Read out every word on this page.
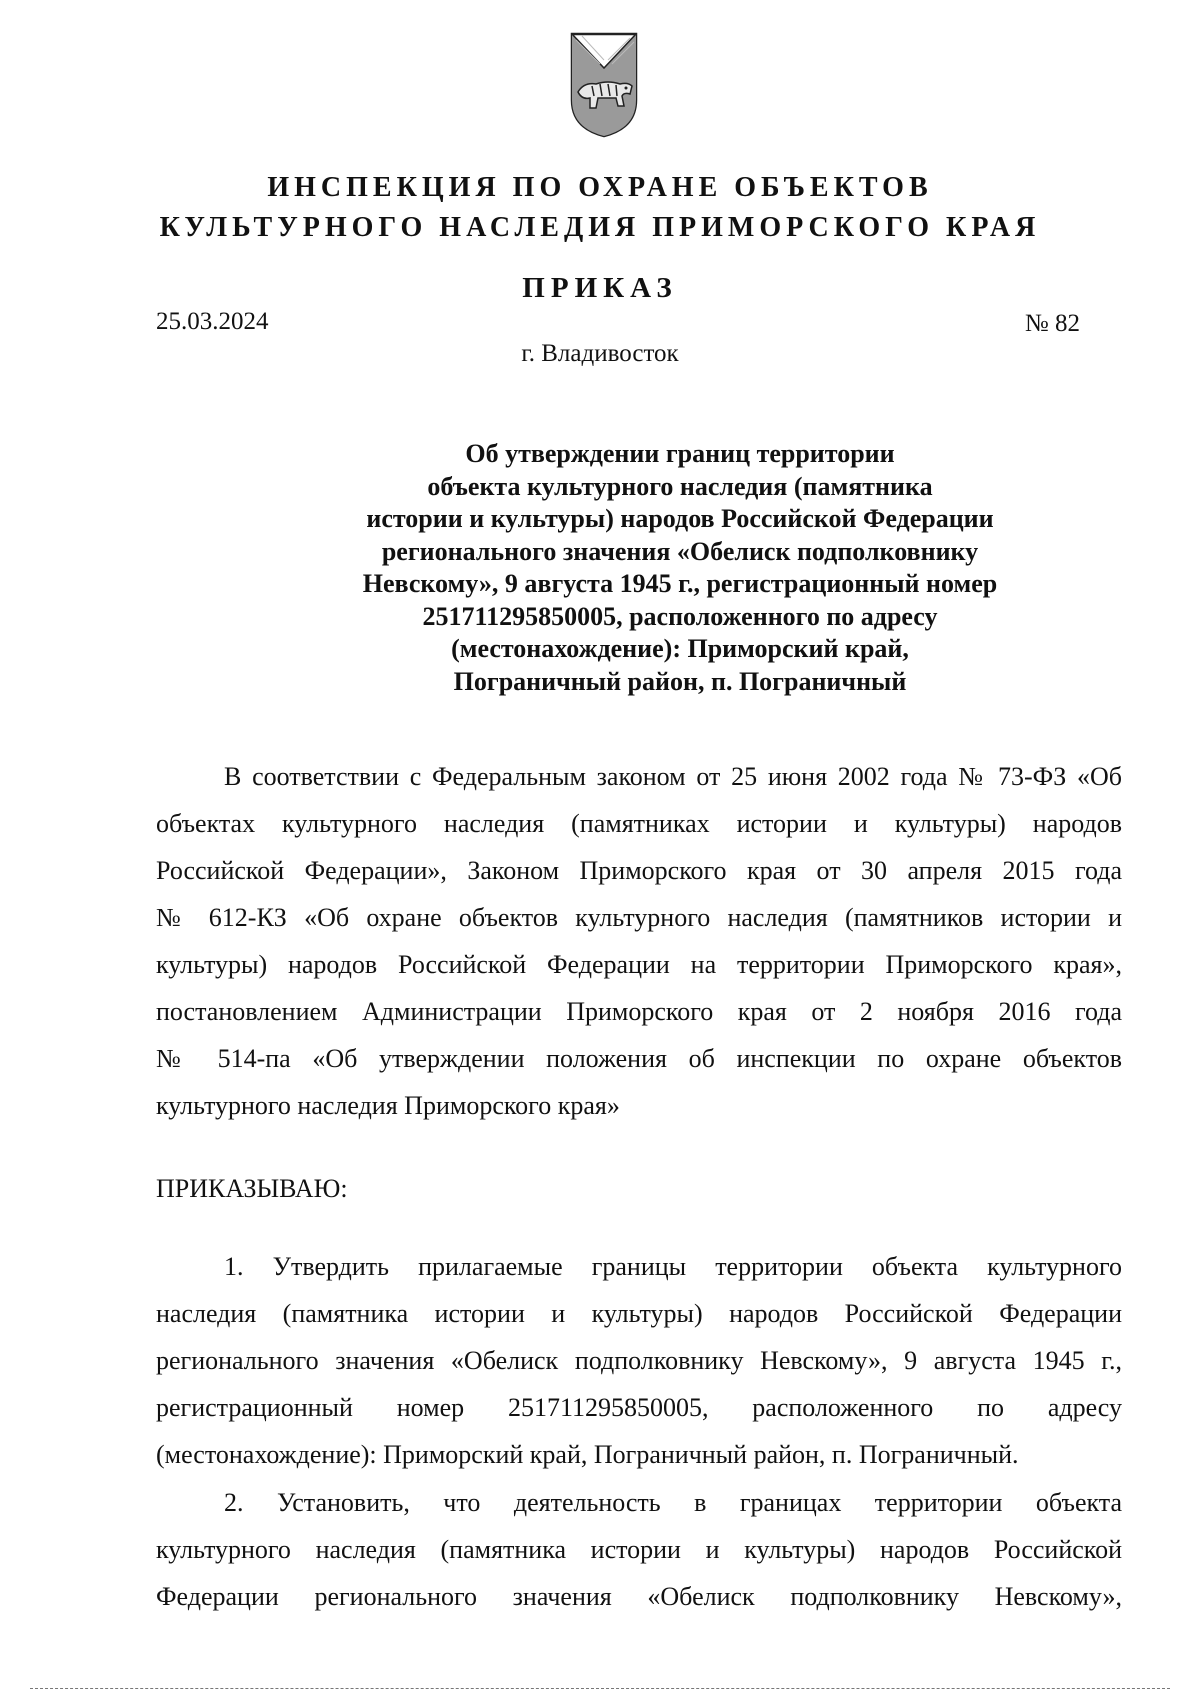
ИНСПЕКЦИЯ ПО ОХРАНЕ ОБЪЕКТОВ
КУЛЬТУРНОГО НАСЛЕДИЯ ПРИМОРСКОГО КРАЯ
ПРИКАЗ
25.03.2024	№ 82
г. Владивосток
Об утверждении границ территории
объекта культурного наследия (памятника
истории и культуры) народов Российской Федерации
регионального значения «Обелиск подполковнику
Невскому», 9 августа 1945 г., регистрационный номер
251711295850005, расположенного по адресу
(местонахождение): Приморский край,
Пограничный район, п. Пограничный
В соответствии с Федеральным законом от 25 июня 2002 года № 73-ФЗ «Об
объектах культурного наследия (памятниках истории и культуры) народов
Российской Федерации», Законом Приморского края от 30 апреля 2015 года
№ 612-КЗ «Об охране объектов культурного наследия (памятников истории и
культуры) народов Российской Федерации на территории Приморского края»,
постановлением Администрации Приморского края от 2 ноября 2016 года
№ 514-па «Об утверждении положения об инспекции по охране объектов
культурного наследия Приморского края»
ПРИКАЗЫВАЮ:
1. Утвердить прилагаемые границы территории объекта культурного
наследия (памятника истории и культуры) народов Российской Федерации
регионального значения «Обелиск подполковнику Невскому», 9 августа 1945 г.,
регистрационный номер 251711295850005, расположенного по адресу
(местонахождение): Приморский край, Пограничный район, п. Пограничный.
2. Установить, что деятельность в границах территории объекта
культурного наследия (памятника истории и культуры) народов Российской
Федерации регионального значения «Обелиск подполковнику Невскому»,
